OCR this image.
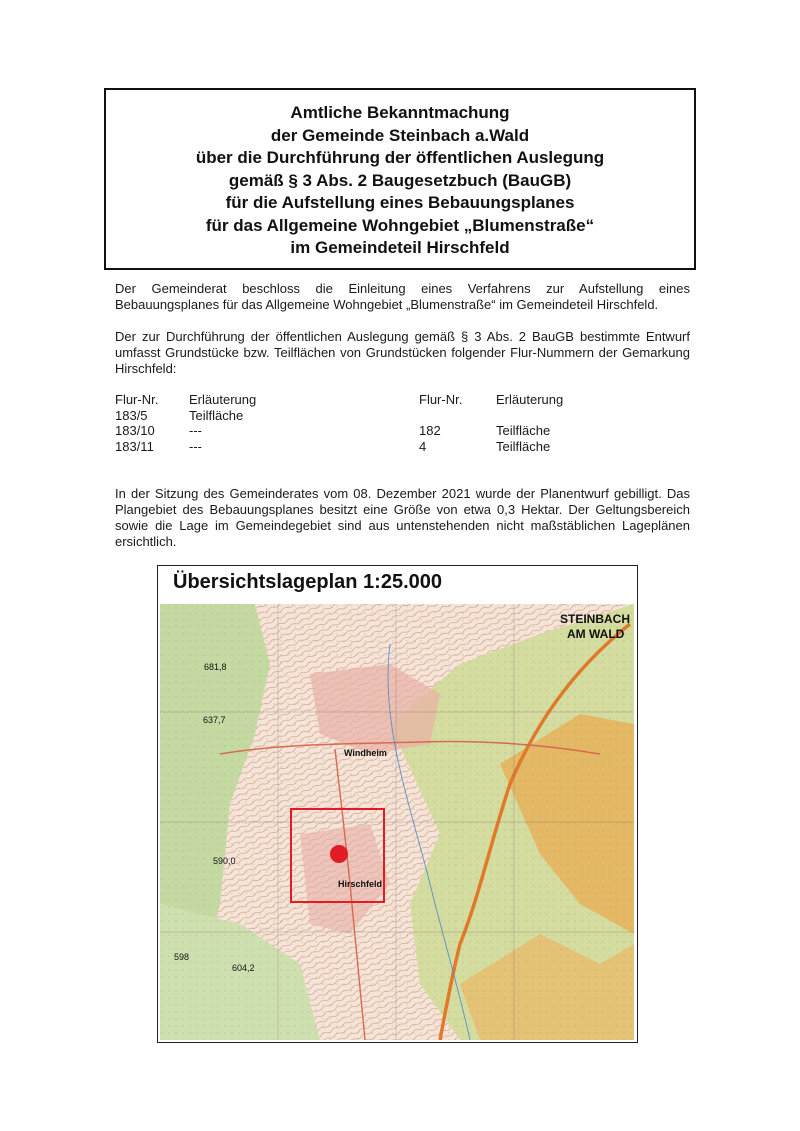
Amtliche Bekanntmachung
der Gemeinde Steinbach a.Wald
über die Durchführung der öffentlichen Auslegung
gemäß § 3 Abs. 2 Baugesetzbuch (BauGB)
für die Aufstellung eines Bebauungsplanes
für das Allgemeine Wohngebiet „Blumenstraße“
im Gemeindeteil Hirschfeld
Der Gemeinderat beschloss die Einleitung eines Verfahrens zur Aufstellung eines Bebauungsplanes für das Allgemeine Wohngebiet „Blumenstraße“ im Gemeindeteil Hirschfeld.
Der zur Durchführung der öffentlichen Auslegung gemäß § 3 Abs. 2 BauGB bestimmte Entwurf umfasst Grundstücke bzw. Teilflächen von Grundstücken folgender Flur-Nummern der Gemarkung Hirschfeld:
Flur-Nr. Erläuterung
183/5	Teilfläche
183/10	---
183/11	---
Flur-Nr.	Erläuterung
182	Teilfläche
4	Teilfläche
In der Sitzung des Gemeinderates vom 08. Dezember 2021 wurde der Planentwurf gebilligt. Das Plangebiet des Bebauungsplanes besitzt eine Größe von etwa 0,3 Hektar. Der Geltungsbereich sowie die Lage im Gemeindegebiet sind aus untenstehenden nicht maßstäblichen Lageplänen ersichtlich.
Übersichtslageplan 1:25.000
STEINBACH
AM WALD
Windheim
Hirschfeld
681,8
637,7
590,0
604,2
598
